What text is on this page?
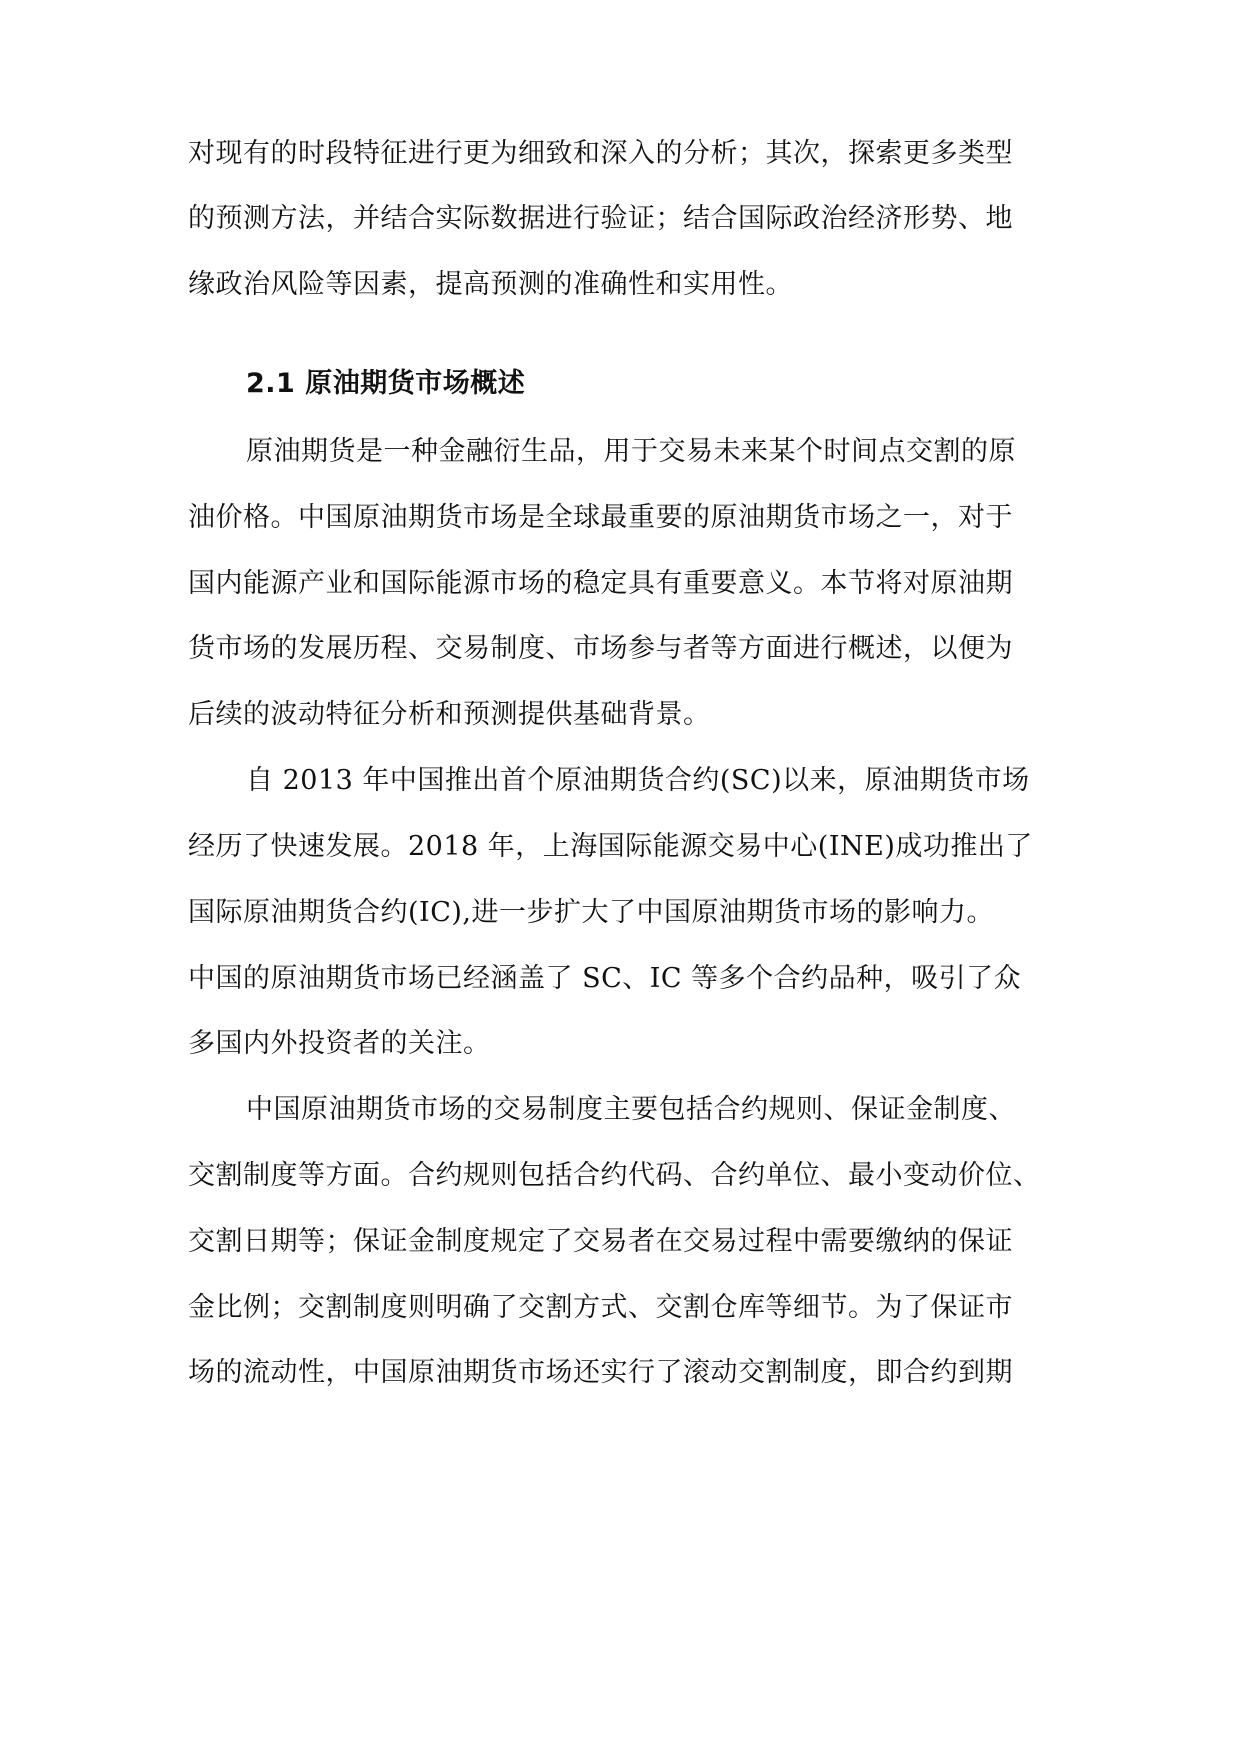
对现有的时段特征进行更为细致和深入的分析；其次，探索更多类型
的预测方法，并结合实际数据进行验证；结合国际政治经济形势、地
缘政治风险等因素，提高预测的准确性和实用性。
2.1 原油期货市场概述
原油期货是一种金融衍生品，用于交易未来某个时间点交割的原
油价格。中国原油期货市场是全球最重要的原油期货市场之一，对于
国内能源产业和国际能源市场的稳定具有重要意义。本节将对原油期
货市场的发展历程、交易制度、市场参与者等方面进行概述，以便为
后续的波动特征分析和预测提供基础背景。
自 2013 年中国推出首个原油期货合约(SC)以来，原油期货市场
经历了快速发展。2018 年，上海国际能源交易中心(INE)成功推出了
国际原油期货合约(IC),进一步扩大了中国原油期货市场的影响力。
中国的原油期货市场已经涵盖了 SC、IC 等多个合约品种，吸引了众
多国内外投资者的关注。
中国原油期货市场的交易制度主要包括合约规则、保证金制度、
交割制度等方面。合约规则包括合约代码、合约单位、最小变动价位、
交割日期等；保证金制度规定了交易者在交易过程中需要缴纳的保证
金比例；交割制度则明确了交割方式、交割仓库等细节。为了保证市
场的流动性，中国原油期货市场还实行了滚动交割制度，即合约到期
